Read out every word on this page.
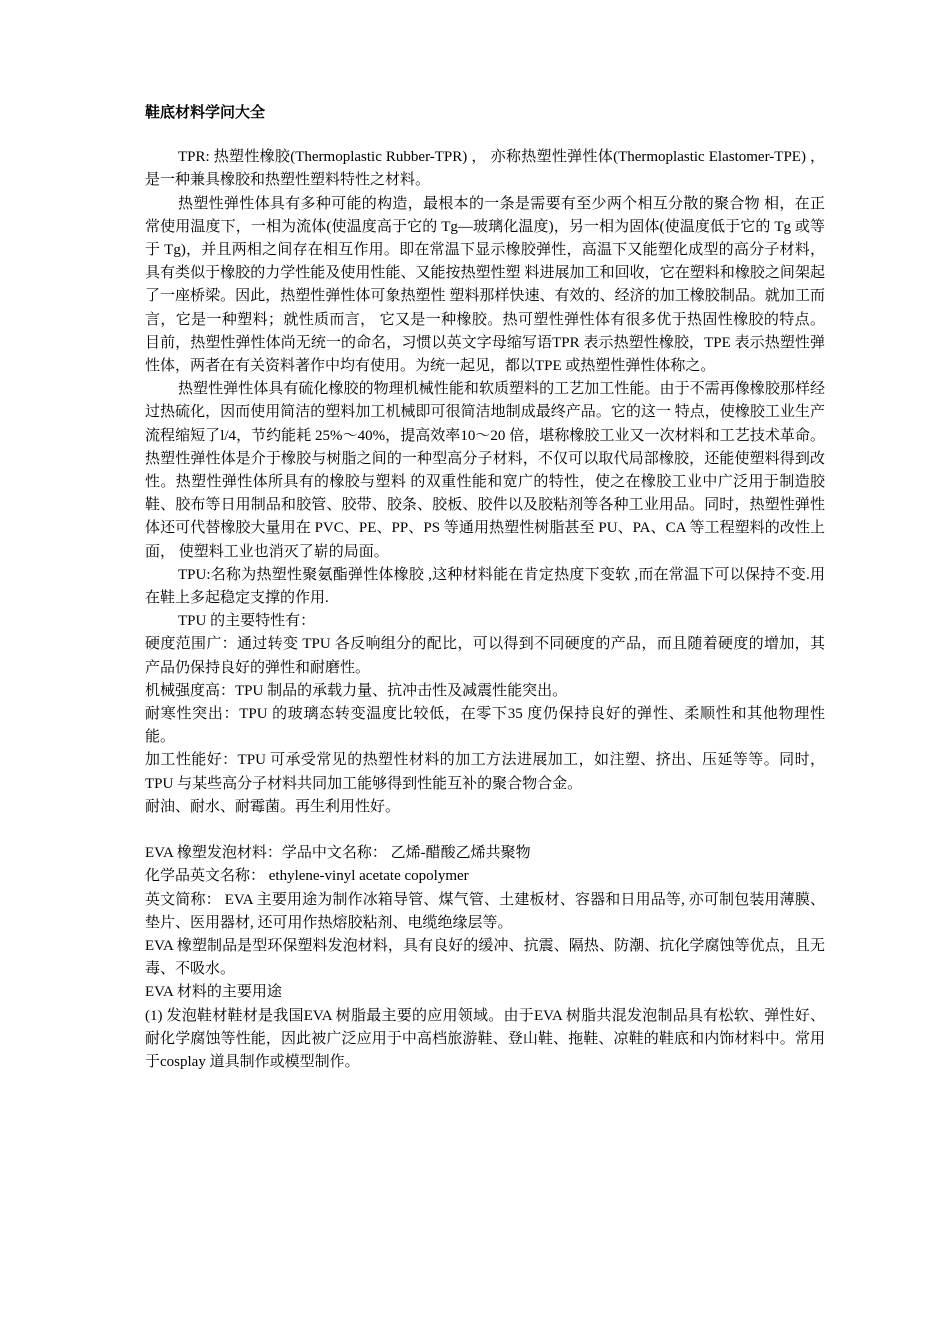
鞋底材料学问大全

TPR: 热塑性橡胶(Thermoplastic Rubber-TPR) ， 亦称热塑性弹性体(Thermoplastic Elastomer-TPE) ，是一种兼具橡胶和热塑性塑料特性之材料。

热塑性弹性体具有多种可能的构造，最根本的一条是需要有至少两个相互分散的聚合物 相，在正常使用温度下，一相为流体(使温度高于它的 Tg—玻璃化温度)，另一相为固体(使温度低于它的 Tg 或等于 Tg)，并且两相之间存在相互作用。即在常温下显示橡胶弹性，高温下又能塑化成型的高分子材料，具有类似于橡胶的力学性能及使用性能、又能按热塑性塑 料进展加工和回收，它在塑料和橡胶之间架起了一座桥梁。因此，热塑性弹性体可象热塑性 塑料那样快速、有效的、经济的加工橡胶制品。就加工而言，它是一种塑料；就性质而言， 它又是一种橡胶。热可塑性弹性体有很多优于热固性橡胶的特点。 目前，热塑性弹性体尚无统一的命名，习惯以英文字母缩写语TPR 表示热塑性橡胶，TPE 表示热塑性弹性体，两者在有关资料著作中均有使用。为统一起见，都以TPE 或热塑性弹性体称之。

热塑性弹性体具有硫化橡胶的物理机械性能和软质塑料的工艺加工性能。由于不需再像橡胶那样经过热硫化，因而使用简洁的塑料加工机械即可很简洁地制成最终产品。它的这一 特点，使橡胶工业生产流程缩短了l/4，节约能耗 25%～40%，提高效率10～20 倍，堪称橡胶工业又一次材料和工艺技术革命。 热塑性弹性体是介于橡胶与树脂之间的一种型高分子材料，不仅可以取代局部橡胶，还能使塑料得到改性。热塑性弹性体所具有的橡胶与塑料 的双重性能和宽广的特性，使之在橡胶工业中广泛用于制造胶鞋、胶布等日用制品和胶管、胶带、胶条、胶板、胶件以及胶粘剂等各种工业用品。同时，热塑性弹性体还可代替橡胶大量用在 PVC、PE、PP、PS 等通用热塑性树脂甚至 PU、PA、CA 等工程塑料的改性上面， 使塑料工业也消灭了崭的局面。

TPU:名称为热塑性聚氨酯弹性体橡胶 ,这种材料能在肯定热度下变软 ,而在常温下可以保持不变.用在鞋上多起稳定支撑的作用.

TPU 的主要特性有：

硬度范围广：通过转变 TPU 各反响组分的配比，可以得到不同硬度的产品，而且随着硬度的增加，其产品仍保持良好的弹性和耐磨性。

机械强度高：TPU 制品的承载力量、抗冲击性及减震性能突出。

耐寒性突出：TPU 的玻璃态转变温度比较低，在零下35 度仍保持良好的弹性、柔顺性和其他物理性能。

加工性能好：TPU 可承受常见的热塑性材料的加工方法进展加工，如注塑、挤出、压延等等。同时，TPU 与某些高分子材料共同加工能够得到性能互补的聚合物合金。

耐油、耐水、耐霉菌。再生利用性好。

EVA 橡塑发泡材料：学品中文名称： 乙烯-醋酸乙烯共聚物

化学品英文名称： ethylene-vinyl acetate copolymer

英文简称： EVA 主要用途为制作冰箱导管、煤气管、土建板材、容器和日用品等, 亦可制包装用薄膜、垫片、医用器材, 还可用作热熔胶粘剂、电缆绝缘层等。

EVA 橡塑制品是型环保塑料发泡材料，具有良好的缓冲、抗震、隔热、防潮、抗化学腐蚀等优点，且无毒、不吸水。

EVA 材料的主要用途

(1) 发泡鞋材鞋材是我国EVA 树脂最主要的应用领域。由于EVA 树脂共混发泡制品具有松软、弹性好、耐化学腐蚀等性能，因此被广泛应用于中高档旅游鞋、登山鞋、拖鞋、凉鞋的鞋底和内饰材料中。常用于cosplay 道具制作或模型制作。
